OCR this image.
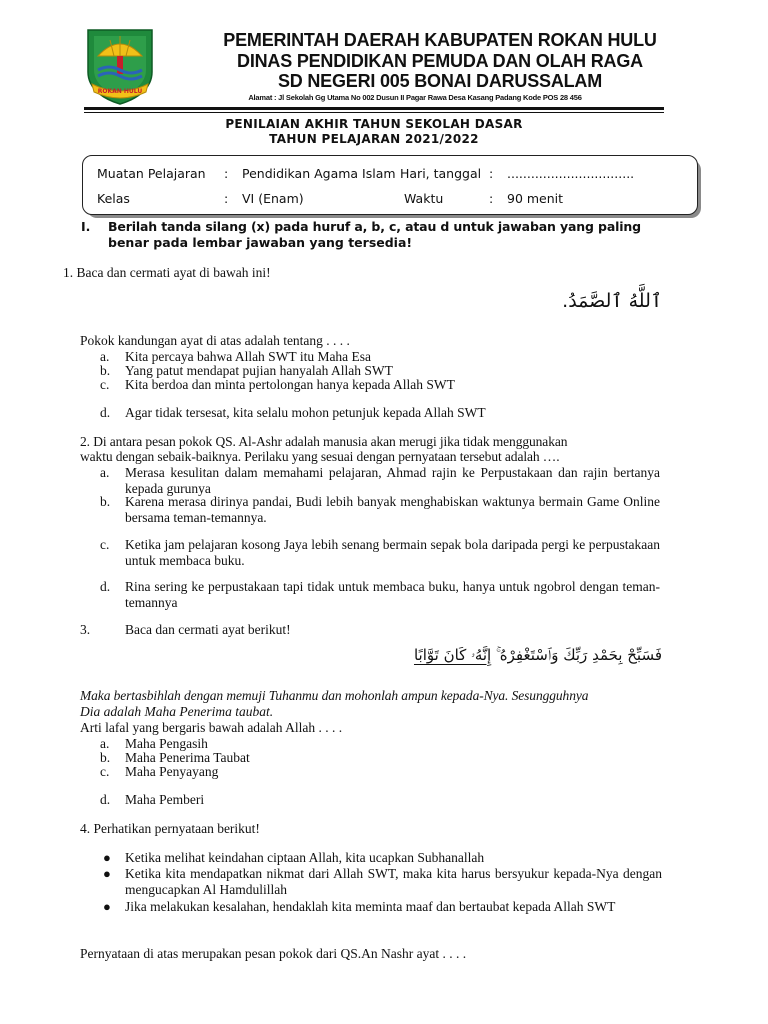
ROKAN HULU
PEMERINTAH DAERAH KABUPATEN ROKAN HULU
DINAS PENDIDIKAN PEMUDA DAN OLAH RAGA
SD NEGERI 005 BONAI DARUSSALAM
Alamat : Jl Sekolah Gg Utama No 002 Dusun II Pagar Rawa Desa Kasang Padang Kode POS 28 456
PENILAIAN AKHIR TAHUN SEKOLAH DASAR
TAHUN PELAJARAN 2021/2022
Muatan Pelajaran : Pendidikan Agama Islam Hari, tanggal : ................................
Kelas	: VI (Enam)	Waktu	: 90 menit
I. Berilah tanda silang (x) pada huruf a, b, c, atau d untuk jawaban yang paling
benar pada lembar jawaban yang tersedia!
1. Baca dan cermati ayat di bawah ini!
ٱللَّهُ ٱلصَّمَدُ.
Pokok kandungan ayat di atas adalah tentang . . . .
a. Kita percaya bahwa Allah SWT itu Maha Esa
b. Yang patut mendapat pujian hanyalah Allah SWT
c. Kita berdoa dan minta pertolongan hanya kepada Allah SWT
d. Agar tidak tersesat, kita selalu mohon petunjuk kepada Allah SWT
2. Di antara pesan pokok QS. Al-Ashr adalah manusia akan merugi jika tidak menggunakan
waktu dengan sebaik-baiknya. Perilaku yang sesuai dengan pernyataan tersebut adalah ….
a. Merasa kesulitan dalam memahami pelajaran, Ahmad rajin ke Perpustakaan dan rajin bertanya kepada gurunya
b. Karena merasa dirinya pandai, Budi lebih banyak menghabiskan waktunya bermain Game Online bersama teman-temannya.
c. Ketika jam pelajaran kosong Jaya lebih senang bermain sepak bola daripada pergi ke perpustakaan untuk membaca buku.
d. Rina sering ke perpustakaan tapi tidak untuk membaca buku, hanya untuk ngobrol dengan teman-temannya
3.	Baca dan cermati ayat berikut!
فَسَبِّحْ بِحَمْدِ رَبِّكَ وَٱسْتَغْفِرْهُ ۚ إِنَّهُۥ كَانَ تَوَّابًا
Maka bertasbihlah dengan memuji Tuhanmu dan mohonlah ampun kepada-Nya. Sesungguhnya
Dia adalah Maha Penerima taubat.
Arti lafal yang bergaris bawah adalah Allah . . . .
a. Maha Pengasih
b. Maha Penerima Taubat
c. Maha Penyayang
d. Maha Pemberi
4. Perhatikan pernyataan berikut!
● Ketika melihat keindahan ciptaan Allah, kita ucapkan Subhanallah
● Ketika kita mendapatkan nikmat dari Allah SWT, maka kita harus bersyukur kepada-Nya dengan mengucapkan Al Hamdulillah
● Jika melakukan kesalahan, hendaklah kita meminta maaf dan bertaubat kepada Allah SWT
Pernyataan di atas merupakan pesan pokok dari QS.An Nashr ayat . . . .
